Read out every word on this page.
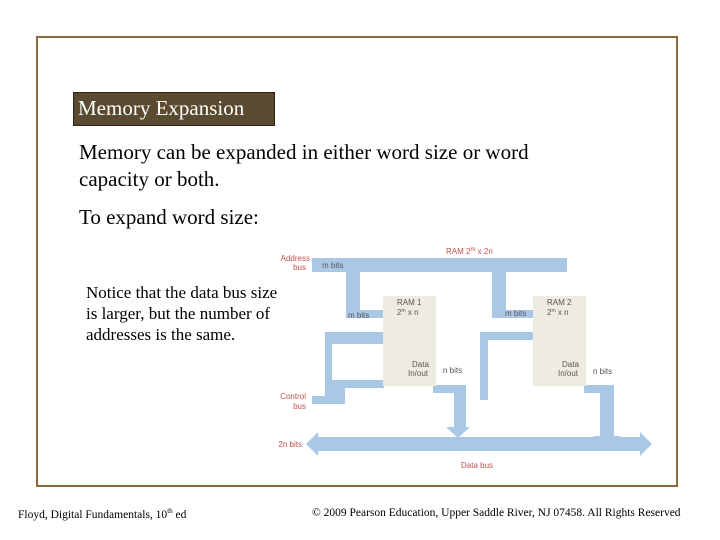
Memory Expansion
Memory can be expanded in either word size or word
capacity or both.
To expand word size:
Notice that the data bus size is larger, but the number of addresses is the same.
Address
bus
RAM 2$^m$ x 2n
m bits
m bits	m bits
RAM 1
2$^m$ x n
RAM 2
2$^m$ x n
Data
In/out
Data
In/out
n bits	n bits
Control
bus
2n bits
Data bus
Floyd, Digital Fundamentals, 10th ed	© 2009 Pearson Education, Upper Saddle River, NJ 07458. All Rights Reserved
